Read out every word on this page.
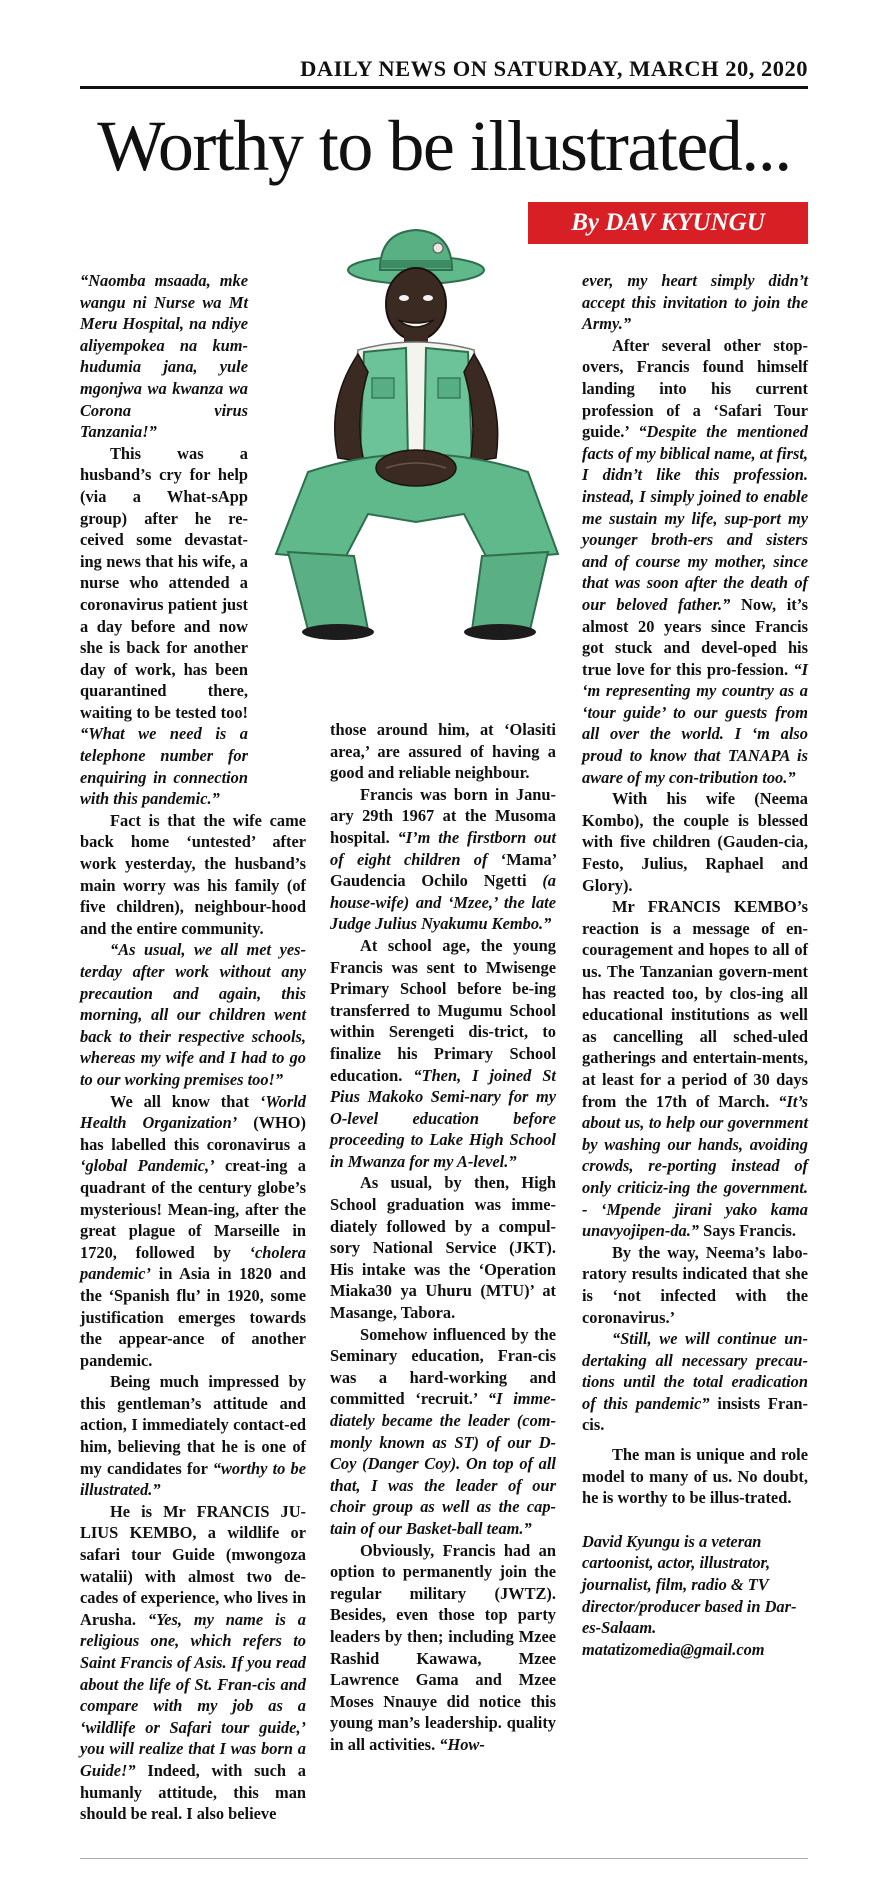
DAILY NEWS ON SATURDAY, MARCH 20, 2020
Worthy to be illustrated...
By DAV KYUNGU

“Naomba msaada, mke wangu ni Nurse wa Mt Meru Hospital, na ndiye aliyempokea na kum-hudumia jana, yule mgonjwa wa kwanza wa Corona virus Tanzania!”

This was a husband’s cry for help (via a What-sApp group) after he re-ceived some devastat-ing news that his wife, a nurse who attended a coronavirus patient just a day before and now she is back for another day of work, has been quarantined there, waiting to be tested too! “What we need is a telephone number for enquiring in connection with this pandemic.”

Fact is that the wife came back home ‘untested’ after work yesterday, the husband’s main worry was his family (of five children), neighbour-hood and the entire community.

“As usual, we all met yes-terday after work without any precaution and again, this morning, all our children went back to their respective schools, whereas my wife and I had to go to our working premises too!”

We all know that ‘World Health Organization’ (WHO) has labelled this coronavirus a ‘global Pandemic,’ creat-ing a quadrant of the century globe’s mysterious! Mean-ing, after the great plague of Marseille in 1720, followed by ‘cholera pandemic’ in Asia in 1820 and the ‘Spanish flu’ in 1920, some justification emerges towards the appear-ance of another pandemic.

Being much impressed by this gentleman’s attitude and action, I immediately contact-ed him, believing that he is one of my candidates for “worthy to be illustrated.”

He is Mr FRANCIS JU-LIUS KEMBO, a wildlife or safari tour Guide (mwongoza watalii) with almost two de-cades of experience, who lives in Arusha. “Yes, my name is a religious one, which refers to Saint Francis of Asis. If you read about the life of St. Fran-cis and compare with my job as a ‘wildlife or Safari tour guide,’ you will realize that I was born a Guide!” Indeed, with such a humanly attitude, this man should be real. I also believe

those around him, at ‘Olasiti area,’ are assured of having a good and reliable neighbour.

Francis was born in Janu-ary 29th 1967 at the Musoma hospital. “I’m the firstborn out of eight children of ‘Mama’ Gaudencia Ochilo Ngetti (a house-wife) and ‘Mzee,’ the late Judge Julius Nyakumu Kembo.”

At school age, the young Francis was sent to Mwisenge Primary School before be-ing transferred to Mugumu School within Serengeti dis-trict, to finalize his Primary School education. “Then, I joined St Pius Makoko Semi-nary for my O-level education before proceeding to Lake High School in Mwanza for my A-level.”

As usual, by then, High School graduation was imme-diately followed by a compul-sory National Service (JKT). His intake was the ‘Operation Miaka30 ya Uhuru (MTU)’ at Masange, Tabora.

Somehow influenced by the Seminary education, Fran-cis was a hard-working and committed ‘recruit.’ “I imme-diately became the leader (com-monly known as ST) of our D-Coy (Danger Coy). On top of all that, I was the leader of our choir group as well as the cap-tain of our Basket-ball team.”

Obviously, Francis had an option to permanently join the regular military (JWTZ). Besides, even those top party leaders by then; including Mzee Rashid Kawawa, Mzee Lawrence Gama and Mzee Moses Nnauye did notice this young man’s leadership. quality in all activities. “How-

ever, my heart simply didn’t accept this invitation to join the Army.”

After several other stop-overs, Francis found himself landing into his current profession of a ‘Safari Tour guide.’ “Despite the mentioned facts of my biblical name, at first, I didn’t like this profession. instead, I simply joined to enable me sustain my life, sup-port my younger broth-ers and sisters and of course my mother, since that was soon after the death of our beloved father.” Now, it’s almost 20 years since Francis got stuck and devel-oped his true love for this pro-fession. “I ‘m representing my country as a ‘tour guide’ to our guests from all over the world. I ‘m also proud to know that TANAPA is aware of my con-tribution too.”

With his wife (Neema Kombo), the couple is blessed with five children (Gauden-cia, Festo, Julius, Raphael and Glory).

Mr FRANCIS KEMBO’s reaction is a message of en-couragement and hopes to all of us. The Tanzanian govern-ment has reacted too, by clos-ing all educational institutions as well as cancelling all sched-uled gatherings and entertain-ments, at least for a period of 30 days from the 17th of March. “It’s about us, to help our government by washing our hands, avoiding crowds, re-porting instead of only criticiz-ing the government. - ‘Mpende jirani yako kama unavyojipen-da.” Says Francis.

By the way, Neema’s labo-ratory results indicated that she is ‘not infected with the coronavirus.’

“Still, we will continue un-dertaking all necessary precau-tions until the total eradication of this pandemic” insists Fran-cis.

The man is unique and role model to many of us. No doubt, he is worthy to be illus-trated.

David Kyungu is a veteran cartoonist, actor, illustrator, journalist, film, radio & TV director/producer based in Dar-es-Salaam. matatizomedia@gmail.com
